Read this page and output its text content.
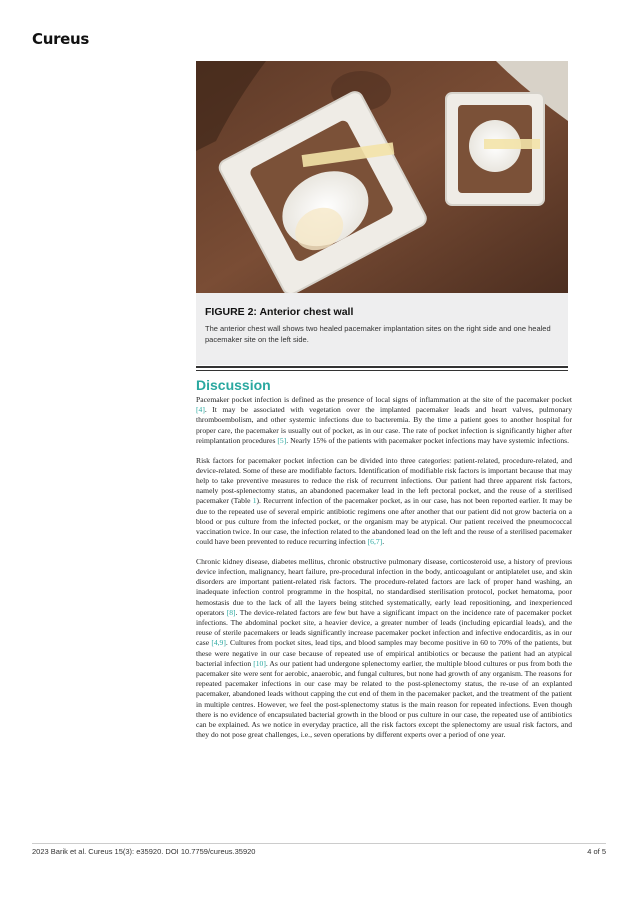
Cureus
FIGURE 2: Anterior chest wall
The anterior chest wall shows two healed pacemaker implantation sites on the right side and one healed pacemaker site on the left side.
Discussion

Pacemaker pocket infection is defined as the presence of local signs of inflammation at the site of the pacemaker pocket [4]. It may be associated with vegetation over the implanted pacemaker leads and heart valves, pulmonary thromboembolism, and other systemic infections due to bacteremia. By the time a patient goes to another hospital for proper care, the pacemaker is usually out of pocket, as in our case. The rate of pocket infection is significantly higher after reimplantation procedures [5]. Nearly 15% of the patients with pacemaker pocket infections may have systemic infections.

Risk factors for pacemaker pocket infection can be divided into three categories: patient-related, procedure-related, and device-related. Some of these are modifiable factors. Identification of modifiable risk factors is important because that may help to take preventive measures to reduce the risk of recurrent infections. Our patient had three apparent risk factors, namely post-splenectomy status, an abandoned pacemaker lead in the left pectoral pocket, and the reuse of a sterilised pacemaker (Table 1). Recurrent infection of the pacemaker pocket, as in our case, has not been reported earlier. It may be due to the repeated use of several empiric antibiotic regimens one after another that our patient did not grow bacteria on a blood or pus culture from the infected pocket, or the organism may be atypical. Our patient received the pneumococcal vaccination twice. In our case, the infection related to the abandoned lead on the left and the reuse of a sterilised pacemaker could have been prevented to reduce recurring infection [6,7].

Chronic kidney disease, diabetes mellitus, chronic obstructive pulmonary disease, corticosteroid use, a history of previous device infection, malignancy, heart failure, pre-procedural infection in the body, anticoagulant or antiplatelet use, and skin disorders are important patient-related risk factors. The procedure-related factors are lack of proper hand washing, an inadequate infection control programme in the hospital, no standardised sterilisation protocol, pocket hematoma, poor hemostasis due to the lack of all the layers being stitched systematically, early lead repositioning, and inexperienced operators [8]. The device-related factors are few but have a significant impact on the incidence rate of pacemaker pocket infections. The abdominal pocket site, a heavier device, a greater number of leads (including epicardial leads), and the reuse of sterile pacemakers or leads significantly increase pacemaker pocket infection and infective endocarditis, as in our case [4,9]. Cultures from pocket sites, lead tips, and blood samples may become positive in 60 to 70% of the patients, but these were negative in our case because of repeated use of empirical antibiotics or because the patient had an atypical bacterial infection [10]. As our patient had undergone splenectomy earlier, the multiple blood cultures or pus from both the pacemaker site were sent for aerobic, anaerobic, and fungal cultures, but none had growth of any organism. The reasons for repeated pacemaker infections in our case may be related to the post-splenectomy status, the re-use of an explanted pacemaker, abandoned leads without capping the cut end of them in the pacemaker packet, and the treatment of the patient in multiple centres. However, we feel the post-splenectomy status is the main reason for repeated infections. Even though there is no evidence of encapsulated bacterial growth in the blood or pus culture in our case, the repeated use of antibiotics can be explained. As we notice in everyday practice, all the risk factors except the splenectomy are usual risk factors, and they do not pose great challenges, i.e., seven operations by different experts over a period of one year.

2023 Barik et al. Cureus 15(3): e35920. DOI 10.7759/cureus.35920	4 of 5
